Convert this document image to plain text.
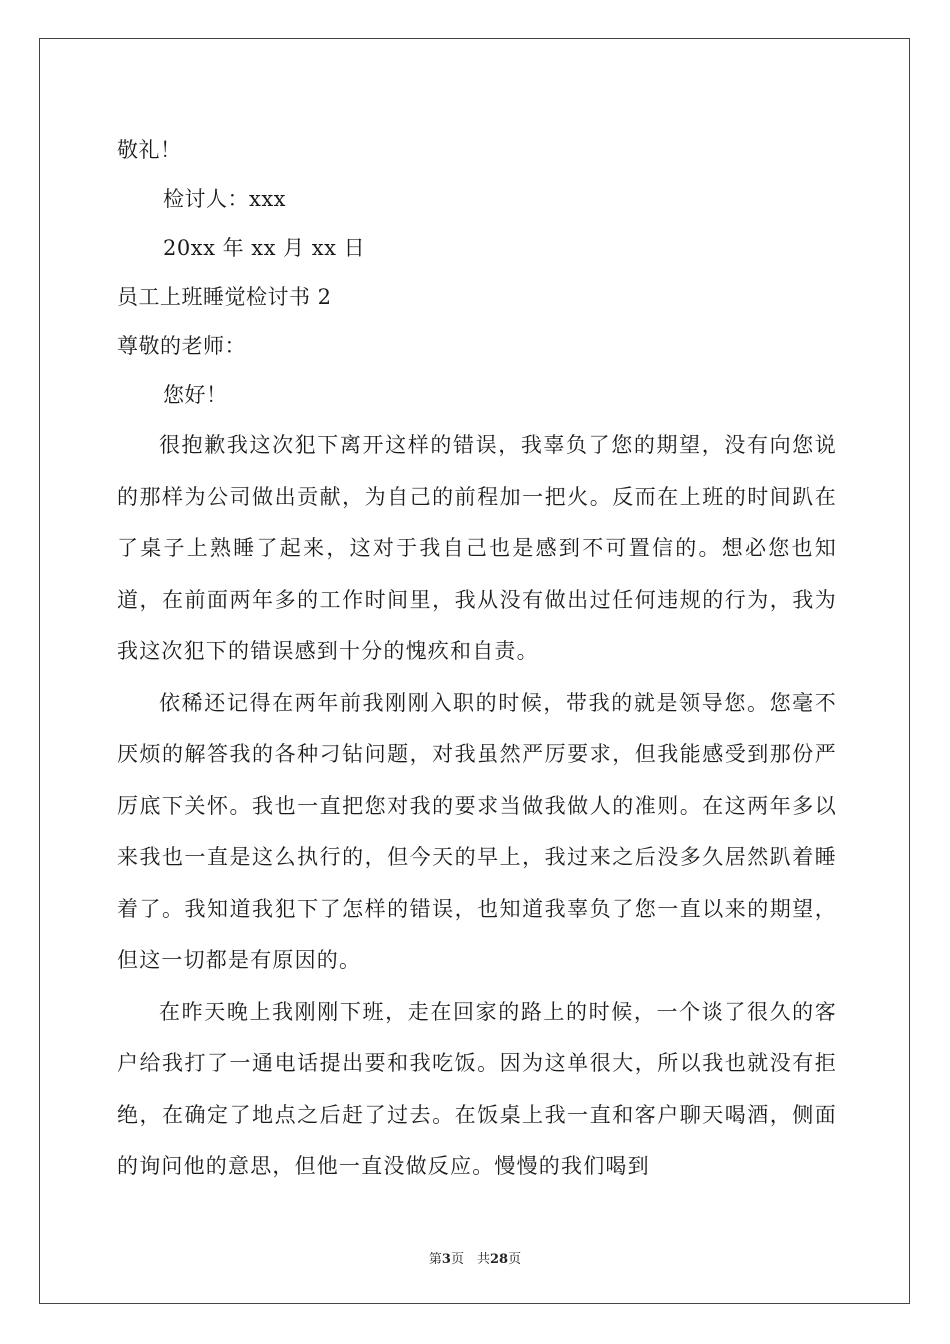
敬礼！
检讨人：xxx
20xx 年 xx 月 xx 日
员工上班睡觉检讨书 2
尊敬的老师：
您好！

很抱歉我这次犯下离开这样的错误，我辜负了您的期望，没有向您说的那样为公司做出贡献，为自己的前程加一把火。反而在上班的时间趴在了桌子上熟睡了起来，这对于我自己也是感到不可置信的。想必您也知道，在前面两年多的工作时间里，我从没有做出过任何违规的行为，我为我这次犯下的错误感到十分的愧疚和自责。

依稀还记得在两年前我刚刚入职的时候，带我的就是领导您。您毫不厌烦的解答我的各种刁钻问题，对我虽然严厉要求，但我能感受到那份严厉底下关怀。我也一直把您对我的要求当做我做人的准则。在这两年多以来我也一直是这么执行的，但今天的早上，我过来之后没多久居然趴着睡着了。我知道我犯下了怎样的错误，也知道我辜负了您一直以来的期望，但这一切都是有原因的。

在昨天晚上我刚刚下班，走在回家的路上的时候，一个谈了很久的客户给我打了一通电话提出要和我吃饭。因为这单很大，所以我也就没有拒绝，在确定了地点之后赶了过去。在饭桌上我一直和客户聊天喝酒，侧面的询问他的意思，但他一直没做反应。慢慢的我们喝到

第3页　共28页
